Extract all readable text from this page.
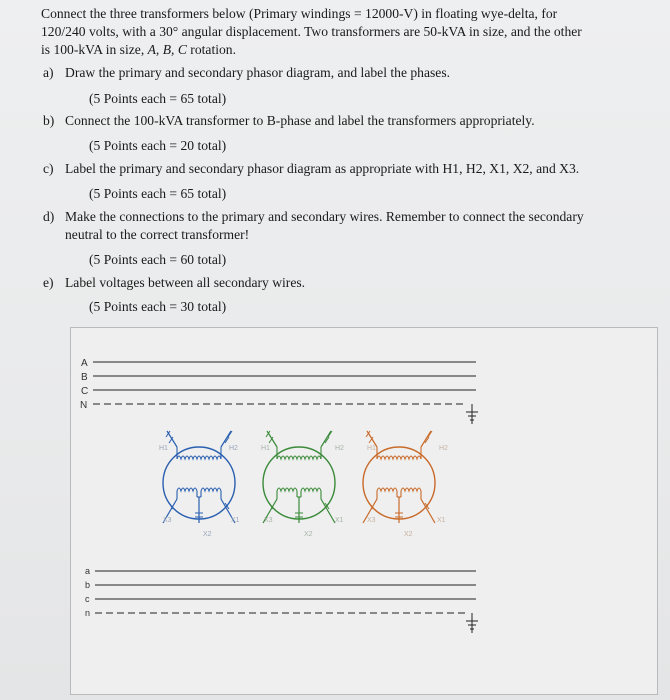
Connect the three transformers below (Primary windings = 12000-V) in floating wye-delta, for
120/240 volts, with a 30° angular displacement. Two transformers are 50-kVA in size, and the other
is 100-kVA in size, A, B, C rotation.
a) Draw the primary and secondary phasor diagram, and label the phases.
(5 Points each = 65 total)
b) Connect the 100-kVA transformer to B-phase and label the transformers appropriately.
(5 Points each = 20 total)
c) Label the primary and secondary phasor diagram as appropriate with H1, H2, X1, X2, and X3.
(5 Points each = 65 total)
d) Make the connections to the primary and secondary wires. Remember to connect the secondary
neutral to the correct transformer!
(5 Points each = 60 total)
e) Label voltages between all secondary wires.
(5 Points each = 30 total)
A
B
C
N
H1	H2
X3	X1
X2
H1	H2
X3	X1
X2
H1	H2
X3	X1
X2
a
b
c
n
